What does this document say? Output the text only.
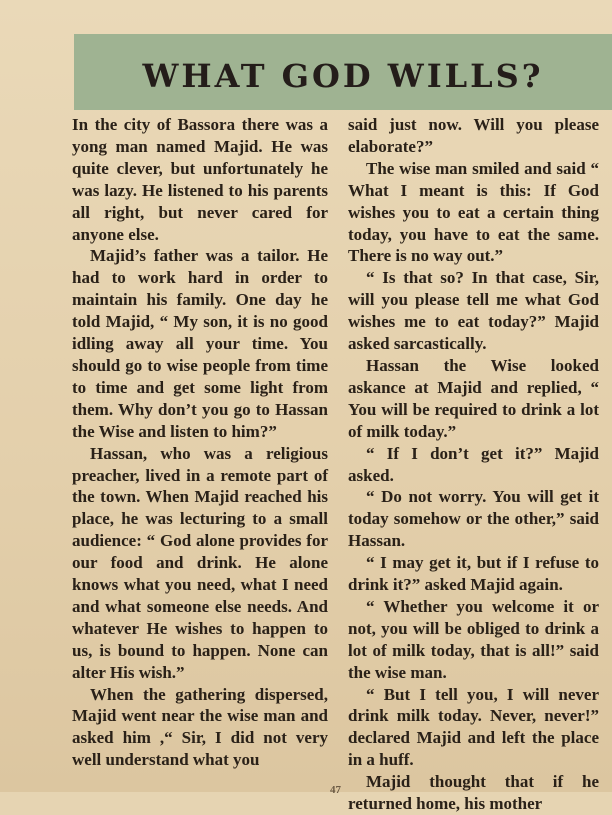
WHAT GOD WILLS?

In the city of Bassora there was a yong man named Majid. He was quite clever, but unfortunately he was lazy. He listened to his parents all right, but never cared for anyone else.

Majid’s father was a tailor. He had to work hard in order to maintain his family. One day he told Majid, “ My son, it is no good idling away all your time. You should go to wise people from time to time and get some light from them. Why don’t you go to Hassan the Wise and listen to him?”

Hassan, who was a religious preacher, lived in a remote part of the town. When Majid reached his place, he was lecturing to a small audience: “ God alone provides for our food and drink. He alone knows what you need, what I need and what someone else needs. And whatever He wishes to happen to us, is bound to happen. None can alter His wish.”

When the gathering dispersed, Majid went near the wise man and asked him ,“ Sir, I did not very well understand what you

said just now. Will you please elaborate?”

The wise man smiled and said “ What I meant is this: If God wishes you to eat a certain thing today, you have to eat the same. There is no way out.”

“ Is that so? In that case, Sir, will you please tell me what God wishes me to eat today?” Majid asked sarcastically.

Hassan the Wise looked askance at Majid and replied, “ You will be required to drink a lot of milk today.”

“ If I don’t get it?” Majid asked.

“ Do not worry. You will get it today somehow or the other,” said Hassan.

“ I may get it, but if I refuse to drink it?” asked Majid again.

“ Whether you welcome it or not, you will be obliged to drink a lot of milk today, that is all!” said the wise man.

“ But I tell you, I will never drink milk today. Never, never!” declared Majid and left the place in a huff.

Majid thought that if he returned home, his mother

47
